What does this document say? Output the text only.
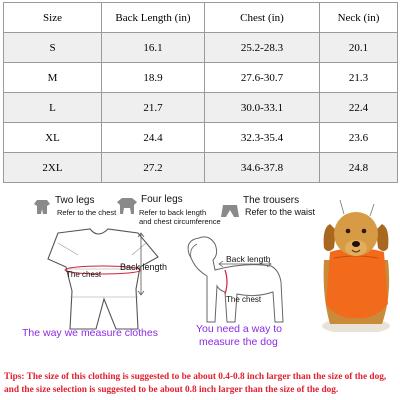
Size	Back Length (in)	Chest (in)	Neck (in)
S	16.1	25.2-28.3	20.1
M	18.9	27.6-30.7	21.3
L	21.7	30.0-33.1	22.4
XL	24.4	32.3-35.4	23.6
2XL	27.2	34.6-37.8	24.8
Two legs
Refer to the chest
Four legs
Refer to back length
and chest circumference
The trousers
Refer to the waist
The chest
Back length
The way we measure clothes
Back length
The chest
You need a way to
measure the dog
Tips: The size of this clothing is suggested to be about 0.4-0.8 inch larger than the size of the dog, and the size selection is suggested to be about 0.8 inch larger than the size of the dog.
